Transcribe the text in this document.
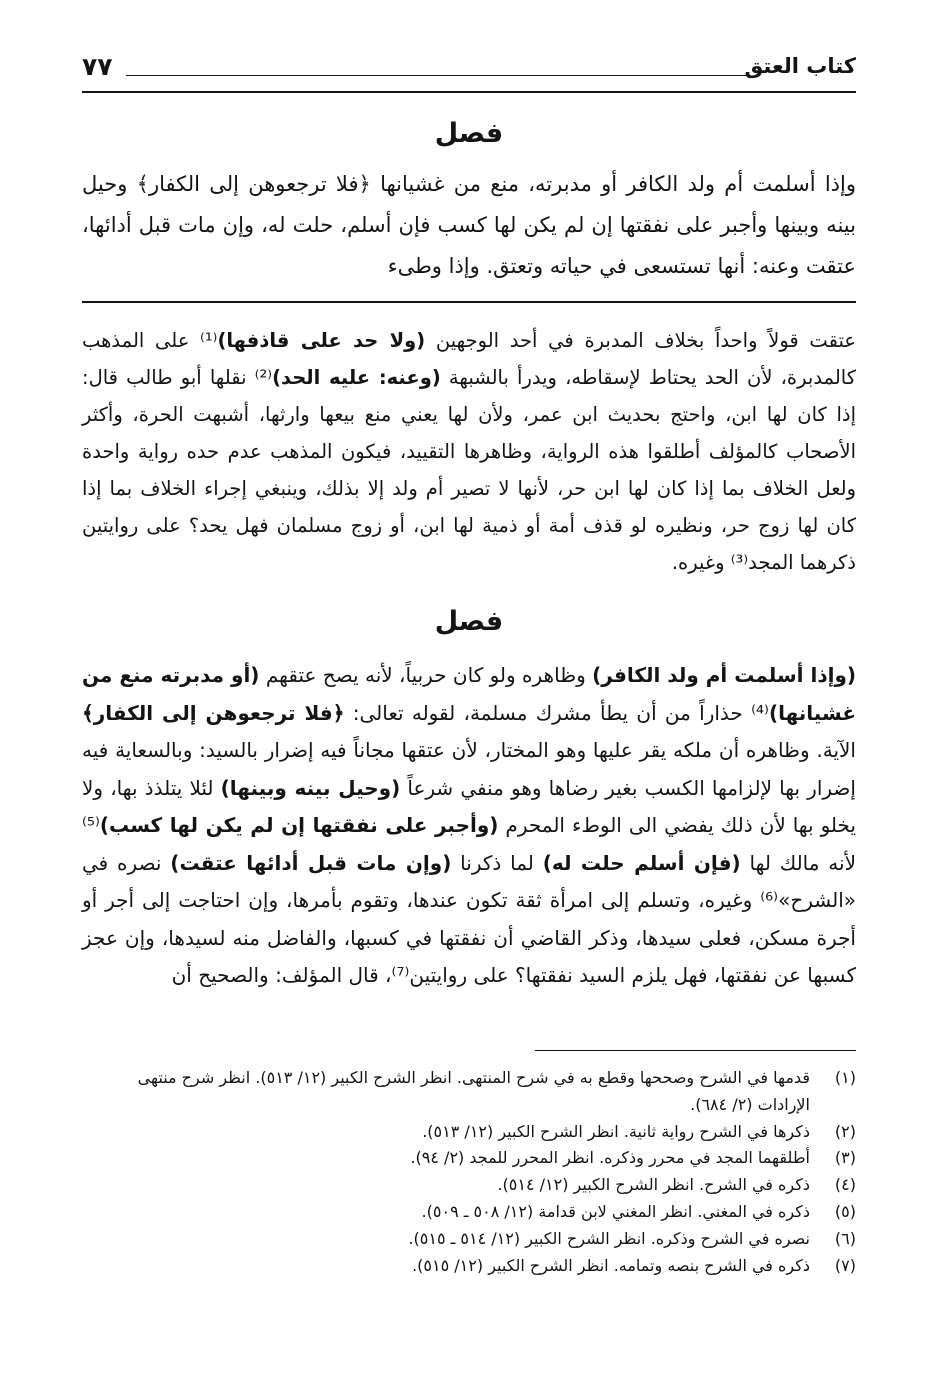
كتاب العتق
٧٧
فصل

وإذا أسلمت أم ولد الكافر أو مدبرته، منع من غشيانها ﴿فلا ترجعوهن إلى الكفار﴾ وحيل بينه وبينها وأجبر على نفقتها إن لم يكن لها كسب فإن أسلم، حلت له، وإن مات قبل أدائها، عتقت وعنه: أنها تستسعى في حياته وتعتق. وإذا وطىء

عتقت قولاً واحداً بخلاف المدبرة في أحد الوجهين (ولا حد على قاذفها)⁽¹⁾ على المذهب كالمدبرة، لأن الحد يحتاط لإسقاطه، ويدرأ بالشبهة (وعنه: عليه الحد)⁽²⁾ نقلها أبو طالب قال: إذا كان لها ابن، واحتج بحديث ابن عمر، ولأن لها يعني منع بيعها وارثها، أشبهت الحرة، وأكثر الأصحاب كالمؤلف أطلقوا هذه الرواية، وظاهرها التقييد، فيكون المذهب عدم حده رواية واحدة ولعل الخلاف بما إذا كان لها ابن حر، لأنها لا تصير أم ولد إلا بذلك، وينبغي إجراء الخلاف بما إذا كان لها زوج حر، ونظيره لو قذف أمة أو ذمية لها ابن، أو زوج مسلمان فهل يحد؟ على روايتين ذكرهما المجد⁽³⁾ وغيره.

فصل

(وإذا أسلمت أم ولد الكافر) وظاهره ولو كان حربياً، لأنه يصح عتقهم (أو مدبرته منع من غشيانها)⁽⁴⁾ حذاراً من أن يطأ مشرك مسلمة، لقوله تعالى: ﴿فلا ترجعوهن إلى الكفار﴾ الآية. وظاهره أن ملكه يقر عليها وهو المختار، لأن عتقها مجاناً فيه إضرار بالسيد: وبالسعاية فيه إضرار بها لإلزامها الكسب بغير رضاها وهو منفي شرعاً (وحيل بينه وبينها) لئلا يتلذذ بها، ولا يخلو بها لأن ذلك يفضي الى الوطء المحرم (وأجبر على نفقتها إن لم يكن لها كسب)⁽⁵⁾ لأنه مالك لها (فإن أسلم حلت له) لما ذكرنا (وإن مات قبل أدائها عتقت) نصره في «الشرح»⁽⁶⁾ وغيره، وتسلم إلى امرأة ثقة تكون عندها، وتقوم بأمرها، وإن احتاجت إلى أجر أو أجرة مسكن، فعلى سيدها، وذكر القاضي أن نفقتها في كسبها، والفاضل منه لسيدها، وإن عجز كسبها عن نفقتها، فهل يلزم السيد نفقتها؟ على روايتين⁽⁷⁾، قال المؤلف: والصحيح أن

(١)
قدمها في الشرح وصححها وقطع به في شرح المنتهى. انظر الشرح الكبير (١٢/ ٥١٣). انظر شرح منتهى الإرادات (٢/ ٦٨٤).
(٢)
ذكرها في الشرح رواية ثانية. انظر الشرح الكبير (١٢/ ٥١٣).
(٣)
أطلقهما المجد في محرر وذكره. انظر المحرر للمجد (٢/ ٩٤).
(٤)
ذكره في الشرح. انظر الشرح الكبير (١٢/ ٥١٤).
(٥)
ذكره في المغني. انظر المغني لابن قدامة (١٢/ ٥٠٨ ـ ٥٠٩).
(٦)
نصره في الشرح وذكره. انظر الشرح الكبير (١٢/ ٥١٤ ـ ٥١٥).
(٧)
ذكره في الشرح بنصه وتمامه. انظر الشرح الكبير (١٢/ ٥١٥).
